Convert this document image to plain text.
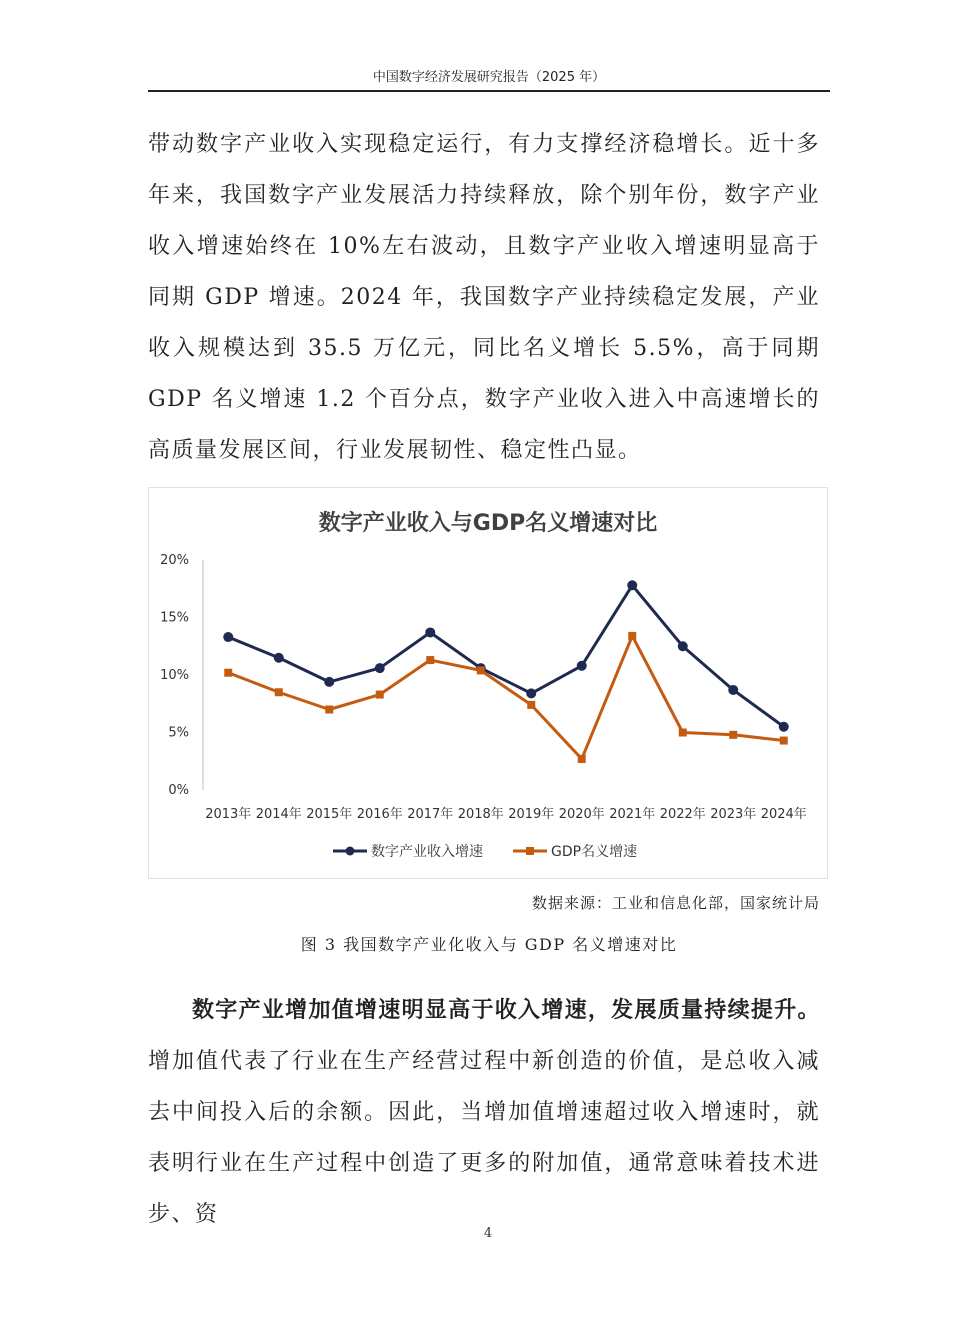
中国数字经济发展研究报告（2025 年）

带动数字产业收入实现稳定运行，有力支撑经济稳增长。近十多年来，我国数字产业发展活力持续释放，除个别年份，数字产业收入增速始终在 10%左右波动，且数字产业收入增速明显高于同期 GDP 增速。2024 年，我国数字产业持续稳定发展，产业收入规模达到 35.5 万亿元，同比名义增长 5.5%，高于同期 GDP 名义增速 1.2 个百分点，数字产业收入进入中高速增长的高质量发展区间，行业发展韧性、稳定性凸显。

数字产业收入与GDP名义增速对比
20%
15%
10%
5%
0%
2013年 2014年 2015年 2016年 2017年 2018年 2019年 2020年 2021年 2022年 2023年 2024年
数字产业收入增速	GDP名义增速
数据来源：工业和信息化部，国家统计局
图 3 我国数字产业化收入与 GDP 名义增速对比

数字产业增加值增速明显高于收入增速，发展质量持续提升。增加值代表了行业在生产经营过程中新创造的价值，是总收入减去中间投入后的余额。因此，当增加值增速超过收入增速时，就表明行业在生产过程中创造了更多的附加值，通常意味着技术进步、资

4
